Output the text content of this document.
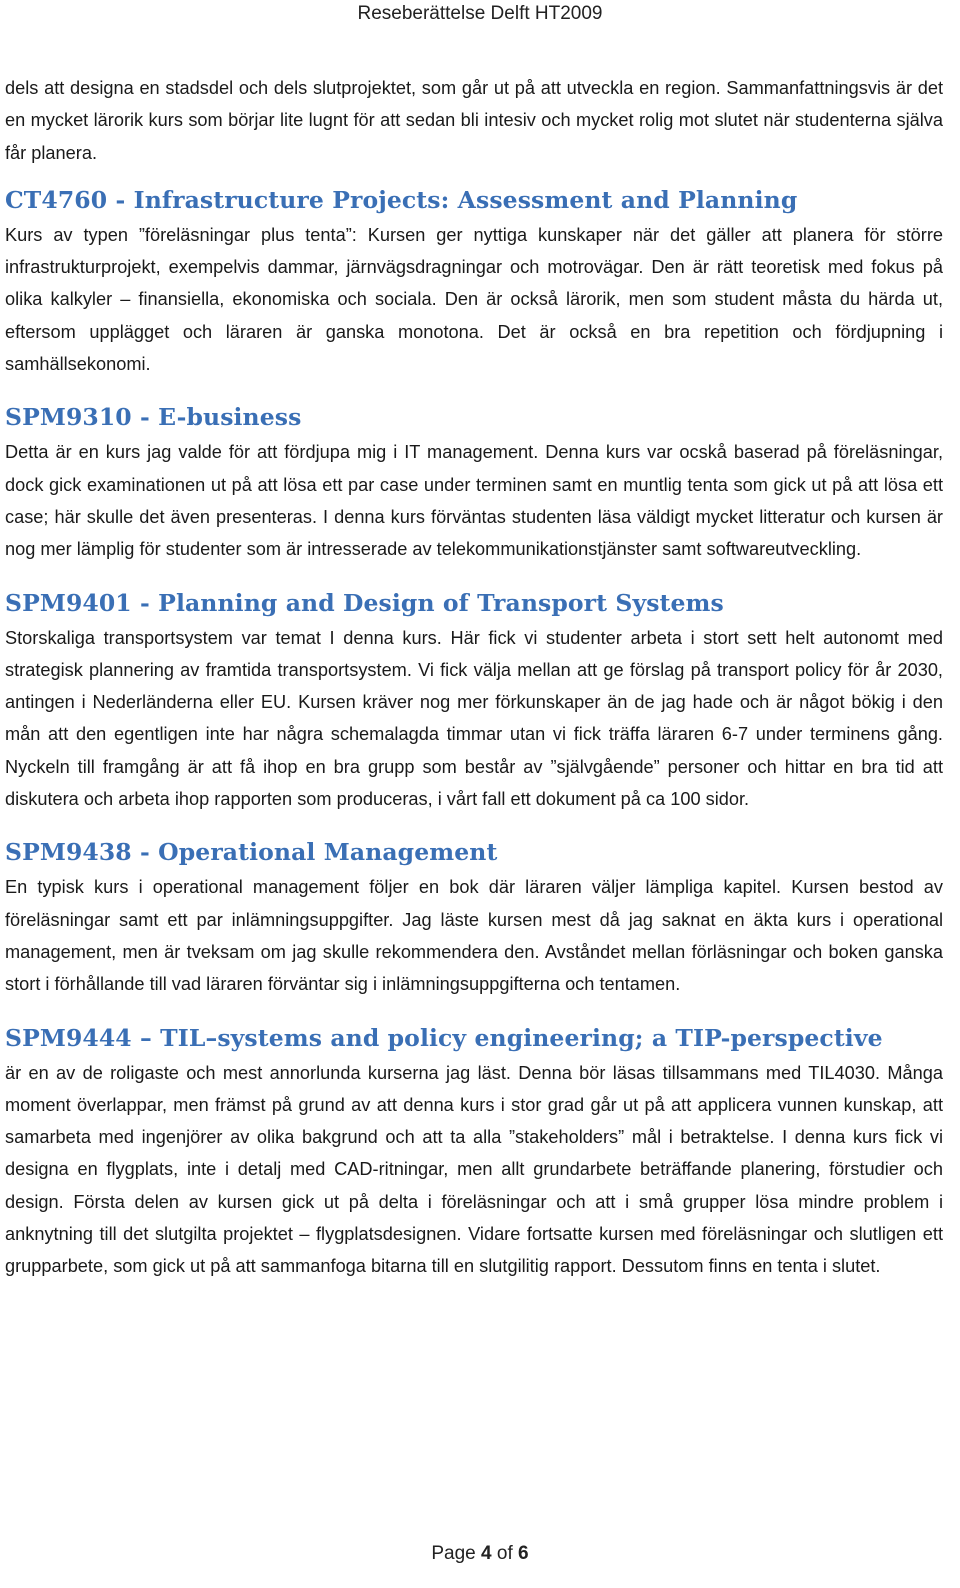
Reseberättelse Delft HT2009

dels att designa en stadsdel och dels slutprojektet, som går ut på att utveckla en region. Sammanfattningsvis är det en mycket lärorik kurs som börjar lite lugnt för att sedan bli intesiv och mycket rolig mot slutet när studenterna själva får planera.

CT4760 - Infrastructure Projects: Assessment and Planning

Kurs av typen ”föreläsningar plus tenta”: Kursen ger nyttiga kunskaper när det gäller att planera för större infrastrukturprojekt, exempelvis dammar, järnvägsdragningar och motrovägar. Den är rätt teoretisk med fokus på olika kalkyler – finansiella, ekonomiska och sociala. Den är också lärorik, men som student måsta du härda ut, eftersom upplägget och läraren är ganska monotona. Det är också en bra repetition och fördjupning i samhällsekonomi.

SPM9310 - E-business

Detta är en kurs jag valde för att fördjupa mig i IT management. Denna kurs var ocskå baserad på föreläsningar, dock gick examinationen ut på att lösa ett par case under terminen samt en muntlig tenta som gick ut på att lösa ett case; här skulle det även presenteras. I denna kurs förväntas studenten läsa väldigt mycket litteratur och kursen är nog mer lämplig för studenter som är intresserade av telekommunikationstjänster samt softwareutveckling.

SPM9401 - Planning and Design of Transport Systems

Storskaliga transportsystem var temat I denna kurs. Här fick vi studenter arbeta i stort sett helt autonomt med strategisk plannering av framtida transportsystem. Vi fick välja mellan att ge förslag på transport policy för år 2030, antingen i Nederländerna eller EU. Kursen kräver nog mer förkunskaper än de jag hade och är något bökig i den mån att den egentligen inte har några schemalagda timmar utan vi fick träffa läraren 6-7 under terminens gång. Nyckeln till framgång är att få ihop en bra grupp som består av ”självgående” personer och hittar en bra tid att diskutera och arbeta ihop rapporten som produceras, i vårt fall ett dokument på ca 100 sidor.

SPM9438 - Operational Management

En typisk kurs i operational management följer en bok där läraren väljer lämpliga kapitel. Kursen bestod av föreläsningar samt ett par inlämningsuppgifter. Jag läste kursen mest då jag saknat en äkta kurs i operational management, men är tveksam om jag skulle rekommendera den. Avståndet mellan förläsningar och boken ganska stort i förhållande till vad läraren förväntar sig i inlämningsuppgifterna och tentamen.

SPM9444 – TIL–systems and policy engineering; a TIP-perspective

är en av de roligaste och mest annorlunda kurserna jag läst. Denna bör läsas tillsammans med TIL4030. Många moment överlappar, men främst på grund av att denna kurs i stor grad går ut på att applicera vunnen kunskap, att samarbeta med ingenjörer av olika bakgrund och att ta alla ”stakeholders” mål i betraktelse. I denna kurs fick vi designa en flygplats, inte i detalj med CAD-ritningar, men allt grundarbete beträffande planering, förstudier och design. Första delen av kursen gick ut på delta i föreläsningar och att i små grupper lösa mindre problem i anknytning till det slutgilta projektet – flygplatsdesignen. Vidare fortsatte kursen med föreläsningar och slutligen ett grupparbete, som gick ut på att sammanfoga bitarna till en slutgilitig rapport. Dessutom finns en tenta i slutet.

Page 4 of 6
